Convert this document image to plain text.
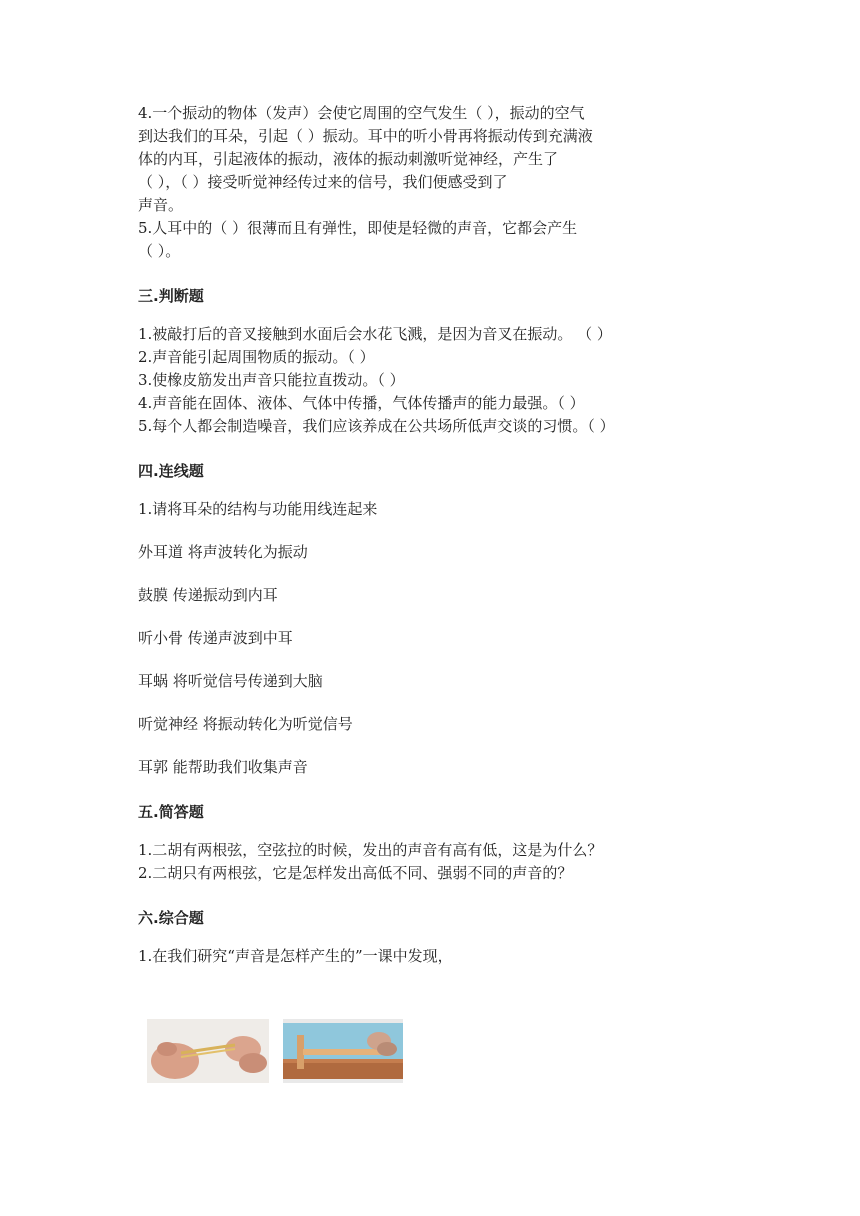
4.一个振动的物体（发声）会使它周围的空气发生（ ），振动的空气
到达我们的耳朵，引起（ ）振动。耳中的听小骨再将振动传到充满液
体的内耳，引起液体的振动，液体的振动刺激听觉神经，产生了
（ ），（ ）接受听觉神经传过来的信号，我们便感受到了
声音。
5.人耳中的（ ）很薄而且有弹性，即使是轻微的声音，它都会产生
（ ）。
三.判断题
1.被敲打后的音叉接触到水面后会水花飞溅，是因为音叉在振动。 （ ）
2.声音能引起周围物质的振动。（ ）
3.使橡皮筋发出声音只能拉直拨动。（ ）
4.声音能在固体、液体、气体中传播，气体传播声的能力最强。（ ）
5.每个人都会制造噪音，我们应该养成在公共场所低声交谈的习惯。（ ）
四.连线题
1.请将耳朵的结构与功能用线连起来
外耳道 将声波转化为振动
鼓膜 传递振动到内耳
听小骨 传递声波到中耳
耳蜗 将听觉信号传递到大脑
听觉神经 将振动转化为听觉信号
耳郭 能帮助我们收集声音
五.简答题
1.二胡有两根弦，空弦拉的时候，发出的声音有高有低，这是为什么？
2.二胡只有两根弦，它是怎样发出高低不同、强弱不同的声音的？
六.综合题
1.在我们研究“声音是怎样产生的”一课中发现，
